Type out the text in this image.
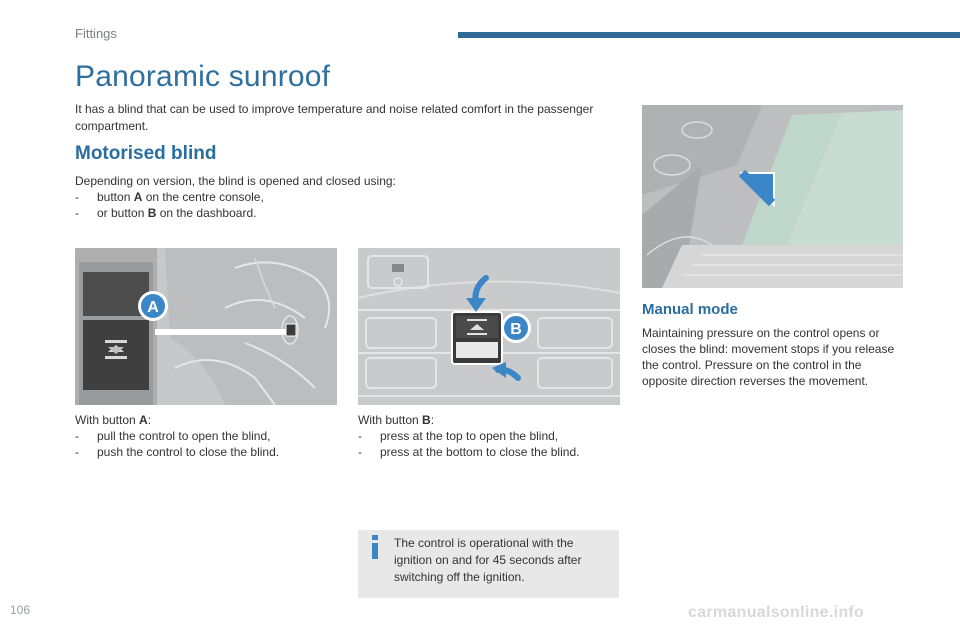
Fittings
Panoramic sunroof
It has a blind that can be used to improve temperature and noise related comfort in the passenger compartment.
Motorised blind
Depending on version, the blind is opened and closed using:
- button A on the centre console,
- or button B on the dashboard.
A
B
With button A:
- pull the control to open the blind,
- push the control to close the blind.
With button B:
- press at the top to open the blind,
- press at the bottom to close the blind.
Manual mode
Maintaining pressure on the control opens or closes the blind: movement stops if you release the control. Pressure on the control in the opposite direction reverses the movement.
The control is operational with the ignition on and for 45 seconds after switching off the ignition.
106	carmanualsonline.info
